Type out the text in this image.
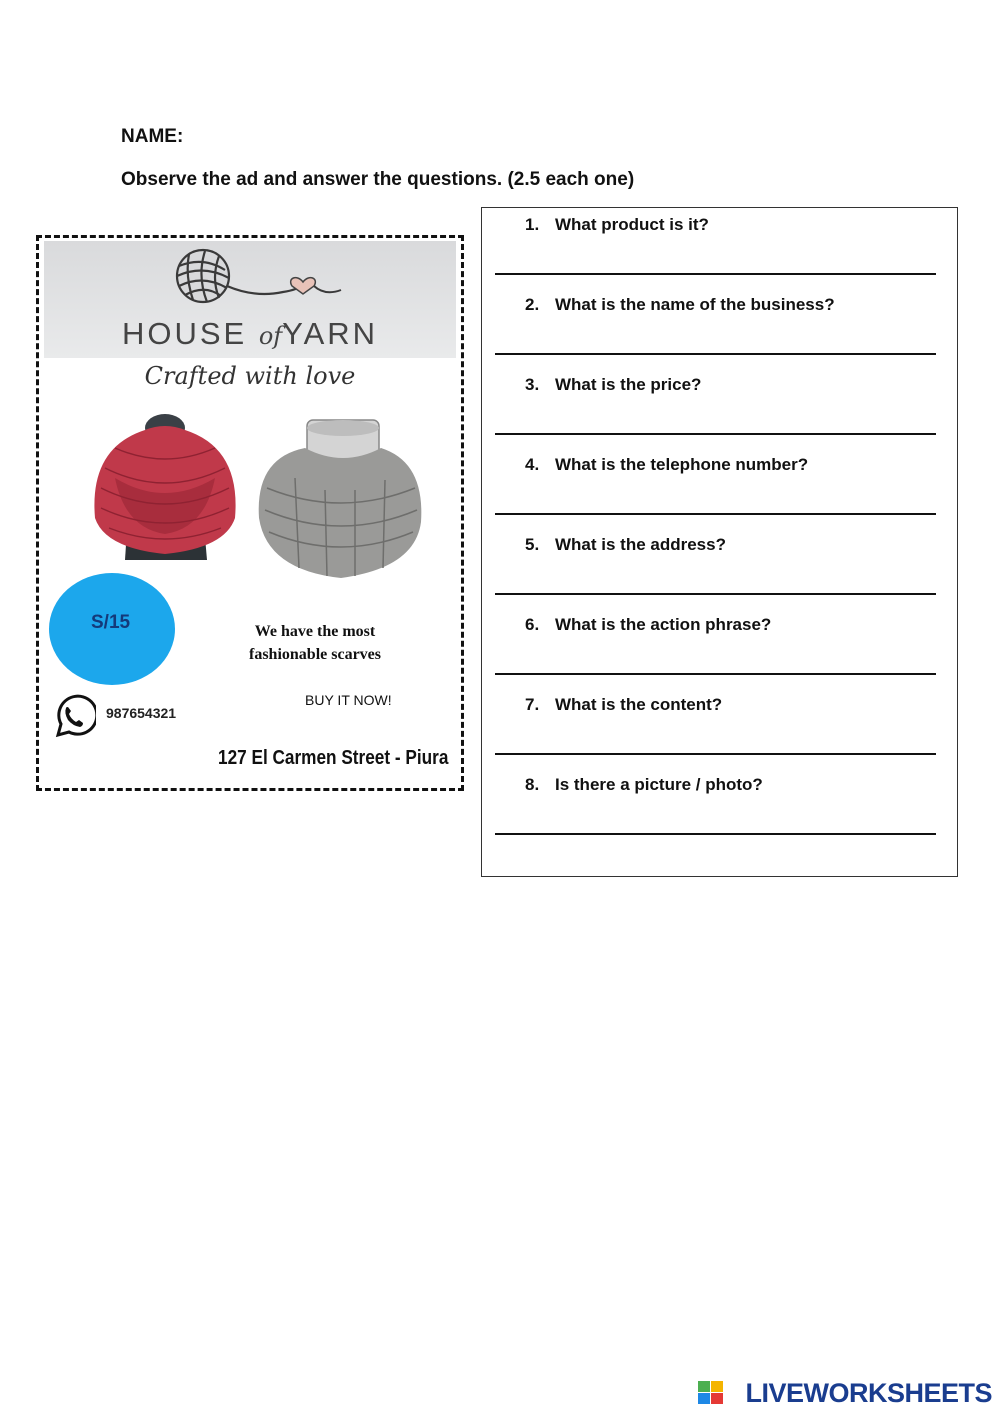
NAME:
Observe the ad and answer the questions. (2.5 each one)
HOUSE ofYARN
Crafted with love
S/15	We have the most
fashionable scarves
BUY IT NOW!
987654321
127 El Carmen Street - Piura
1. What product is it?
2. What is the name of the business?
3. What is the price?
4. What is the telephone number?
5. What is the address?
6. What is the action phrase?
7. What is the content?
8. Is there a picture / photo?
LIVEWORKSHEETS
